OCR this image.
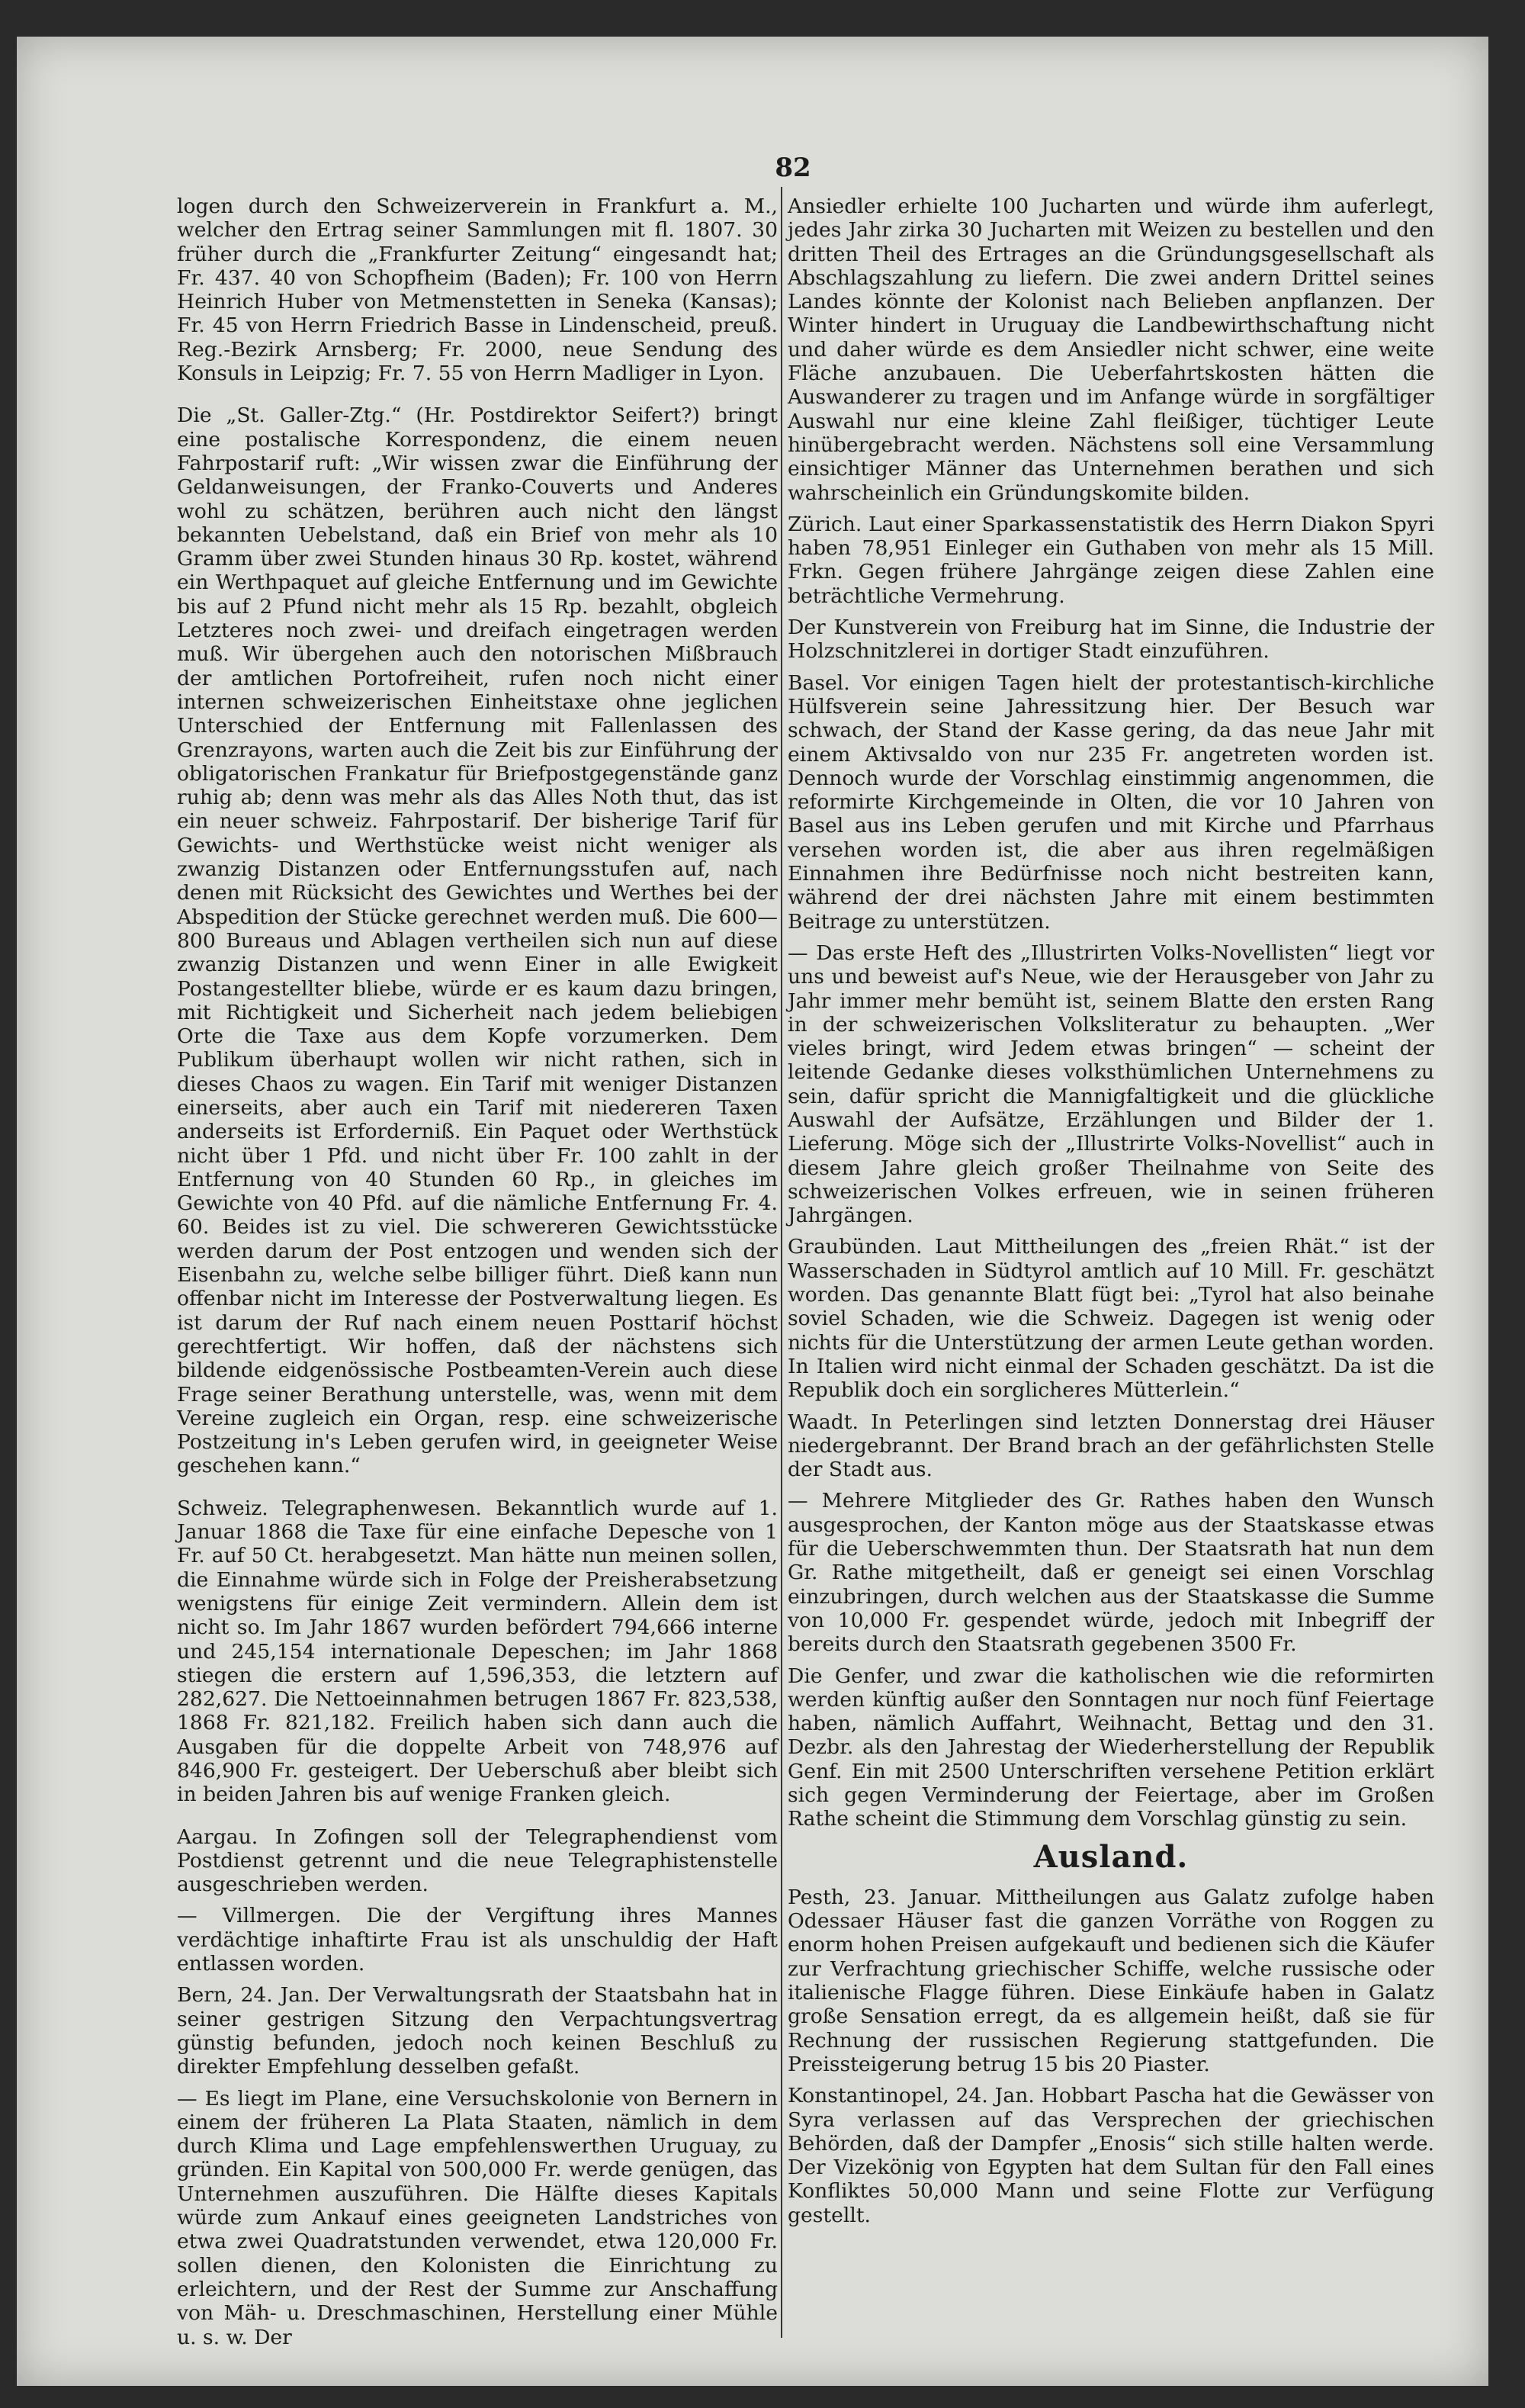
82

logen durch den Schweizerverein in Frankfurt a. M., welcher den Ertrag seiner Sammlungen mit fl. 1807. 30 früher durch die „Frankfurter Zeitung“ eingesandt hat; Fr. 437. 40 von Schopfheim (Baden); Fr. 100 von Herrn Heinrich Huber von Metmenstetten in Seneka (Kansas); Fr. 45 von Herrn Friedrich Basse in Lindenscheid, preuß. Reg.-Bezirk Arnsberg; Fr. 2000, neue Sendung des Konsuls in Leipzig; Fr. 7. 55 von Herrn Madliger in Lyon.

Die „St. Galler-Ztg.“ (Hr. Postdirektor Seifert?) bringt eine postalische Korrespondenz, die einem neuen Fahrpostarif ruft: „Wir wissen zwar die Einführung der Geldanweisungen, der Franko-Couverts und Anderes wohl zu schätzen, berühren auch nicht den längst bekannten Uebelstand, daß ein Brief von mehr als 10 Gramm über zwei Stunden hinaus 30 Rp. kostet, während ein Werthpaquet auf gleiche Entfernung und im Gewichte bis auf 2 Pfund nicht mehr als 15 Rp. bezahlt, obgleich Letzteres noch zwei- und dreifach eingetragen werden muß. Wir übergehen auch den notorischen Mißbrauch der amtlichen Portofreiheit, rufen noch nicht einer internen schweizerischen Einheitstaxe ohne jeglichen Unterschied der Entfernung mit Fallenlassen des Grenzrayons, warten auch die Zeit bis zur Einführung der obligatorischen Frankatur für Briefpostgegenstände ganz ruhig ab; denn was mehr als das Alles Noth thut, das ist ein neuer schweiz. Fahrpostarif. Der bisherige Tarif für Gewichts- und Werthstücke weist nicht weniger als zwanzig Distanzen oder Entfernungsstufen auf, nach denen mit Rücksicht des Gewichtes und Werthes bei der Abspedition der Stücke gerechnet werden muß. Die 600—800 Bureaus und Ablagen vertheilen sich nun auf diese zwanzig Distanzen und wenn Einer in alle Ewigkeit Postangestellter bliebe, würde er es kaum dazu bringen, mit Richtigkeit und Sicherheit nach jedem beliebigen Orte die Taxe aus dem Kopfe vorzumerken. Dem Publikum überhaupt wollen wir nicht rathen, sich in dieses Chaos zu wagen. Ein Tarif mit weniger Distanzen einerseits, aber auch ein Tarif mit niedereren Taxen anderseits ist Erforderniß. Ein Paquet oder Werthstück nicht über 1 Pfd. und nicht über Fr. 100 zahlt in der Entfernung von 40 Stunden 60 Rp., in gleiches im Gewichte von 40 Pfd. auf die nämliche Entfernung Fr. 4. 60. Beides ist zu viel. Die schwereren Gewichtsstücke werden darum der Post entzogen und wenden sich der Eisenbahn zu, welche selbe billiger führt. Dieß kann nun offenbar nicht im Interesse der Postverwaltung liegen. Es ist darum der Ruf nach einem neuen Posttarif höchst gerechtfertigt. Wir hoffen, daß der nächstens sich bildende eidgenössische Postbeamten-Verein auch diese Frage seiner Berathung unterstelle, was, wenn mit dem Vereine zugleich ein Organ, resp. eine schweizerische Postzeitung in's Leben gerufen wird, in geeigneter Weise geschehen kann.“

Schweiz. Telegraphenwesen. Bekanntlich wurde auf 1. Januar 1868 die Taxe für eine einfache Depesche von 1 Fr. auf 50 Ct. herabgesetzt. Man hätte nun meinen sollen, die Einnahme würde sich in Folge der Preisherabsetzung wenigstens für einige Zeit vermindern. Allein dem ist nicht so. Im Jahr 1867 wurden befördert 794,666 interne und 245,154 internationale Depeschen; im Jahr 1868 stiegen die erstern auf 1,596,353, die letztern auf 282,627. Die Nettoeinnahmen betrugen 1867 Fr. 823,538, 1868 Fr. 821,182. Freilich haben sich dann auch die Ausgaben für die doppelte Arbeit von 748,976 auf 846,900 Fr. gesteigert. Der Ueberschuß aber bleibt sich in beiden Jahren bis auf wenige Franken gleich.

Aargau. In Zofingen soll der Telegraphendienst vom Postdienst getrennt und die neue Telegraphistenstelle ausgeschrieben werden.

— Villmergen. Die der Vergiftung ihres Mannes verdächtige inhaftirte Frau ist als unschuldig der Haft entlassen worden.

Bern, 24. Jan. Der Verwaltungsrath der Staatsbahn hat in seiner gestrigen Sitzung den Verpachtungsvertrag günstig befunden, jedoch noch keinen Beschluß zu direkter Empfehlung desselben gefaßt.

— Es liegt im Plane, eine Versuchskolonie von Bernern in einem der früheren La Plata Staaten, nämlich in dem durch Klima und Lage empfehlenswerthen Uruguay, zu gründen. Ein Kapital von 500,000 Fr. werde genügen, das Unternehmen auszuführen. Die Hälfte dieses Kapitals würde zum Ankauf eines geeigneten Landstriches von etwa zwei Quadratstunden verwendet, etwa 120,000 Fr. sollen dienen, den Kolonisten die Einrichtung zu erleichtern, und der Rest der Summe zur Anschaffung von Mäh- u. Dreschmaschinen, Herstellung einer Mühle u. s. w. Der

Ansiedler erhielte 100 Jucharten und würde ihm auferlegt, jedes Jahr zirka 30 Jucharten mit Weizen zu bestellen und den dritten Theil des Ertrages an die Gründungsgesellschaft als Abschlagszahlung zu liefern. Die zwei andern Drittel seines Landes könnte der Kolonist nach Belieben anpflanzen. Der Winter hindert in Uruguay die Landbewirthschaftung nicht und daher würde es dem Ansiedler nicht schwer, eine weite Fläche anzubauen. Die Ueberfahrtskosten hätten die Auswanderer zu tragen und im Anfange würde in sorgfältiger Auswahl nur eine kleine Zahl fleißiger, tüchtiger Leute hinübergebracht werden. Nächstens soll eine Versammlung einsichtiger Männer das Unternehmen berathen und sich wahrscheinlich ein Gründungskomite bilden.

Zürich. Laut einer Sparkassenstatistik des Herrn Diakon Spyri haben 78,951 Einleger ein Guthaben von mehr als 15 Mill. Frkn. Gegen frühere Jahrgänge zeigen diese Zahlen eine beträchtliche Vermehrung.

Der Kunstverein von Freiburg hat im Sinne, die Industrie der Holzschnitzlerei in dortiger Stadt einzuführen.

Basel. Vor einigen Tagen hielt der protestantisch-kirchliche Hülfsverein seine Jahressitzung hier. Der Besuch war schwach, der Stand der Kasse gering, da das neue Jahr mit einem Aktivsaldo von nur 235 Fr. angetreten worden ist. Dennoch wurde der Vorschlag einstimmig angenommen, die reformirte Kirchgemeinde in Olten, die vor 10 Jahren von Basel aus ins Leben gerufen und mit Kirche und Pfarrhaus versehen worden ist, die aber aus ihren regelmäßigen Einnahmen ihre Bedürfnisse noch nicht bestreiten kann, während der drei nächsten Jahre mit einem bestimmten Beitrage zu unterstützen.

— Das erste Heft des „Illustrirten Volks-Novellisten“ liegt vor uns und beweist auf's Neue, wie der Herausgeber von Jahr zu Jahr immer mehr bemüht ist, seinem Blatte den ersten Rang in der schweizerischen Volksliteratur zu behaupten. „Wer vieles bringt, wird Jedem etwas bringen“ — scheint der leitende Gedanke dieses volksthümlichen Unternehmens zu sein, dafür spricht die Mannigfaltigkeit und die glückliche Auswahl der Aufsätze, Erzählungen und Bilder der 1. Lieferung. Möge sich der „Illustrirte Volks-Novellist“ auch in diesem Jahre gleich großer Theilnahme von Seite des schweizerischen Volkes erfreuen, wie in seinen früheren Jahrgängen.

Graubünden. Laut Mittheilungen des „freien Rhät.“ ist der Wasserschaden in Südtyrol amtlich auf 10 Mill. Fr. geschätzt worden. Das genannte Blatt fügt bei: „Tyrol hat also beinahe soviel Schaden, wie die Schweiz. Dagegen ist wenig oder nichts für die Unterstützung der armen Leute gethan worden. In Italien wird nicht einmal der Schaden geschätzt. Da ist die Republik doch ein sorglicheres Mütterlein.“

Waadt. In Peterlingen sind letzten Donnerstag drei Häuser niedergebrannt. Der Brand brach an der gefährlichsten Stelle der Stadt aus.

— Mehrere Mitglieder des Gr. Rathes haben den Wunsch ausgesprochen, der Kanton möge aus der Staatskasse etwas für die Ueberschwemmten thun. Der Staatsrath hat nun dem Gr. Rathe mitgetheilt, daß er geneigt sei einen Vorschlag einzubringen, durch welchen aus der Staatskasse die Summe von 10,000 Fr. gespendet würde, jedoch mit Inbegriff der bereits durch den Staatsrath gegebenen 3500 Fr.

Die Genfer, und zwar die katholischen wie die reformirten werden künftig außer den Sonntagen nur noch fünf Feiertage haben, nämlich Auffahrt, Weihnacht, Bettag und den 31. Dezbr. als den Jahrestag der Wiederherstellung der Republik Genf. Ein mit 2500 Unterschriften versehene Petition erklärt sich gegen Verminderung der Feiertage, aber im Großen Rathe scheint die Stimmung dem Vorschlag günstig zu sein.

Ausland.

Pesth, 23. Januar. Mittheilungen aus Galatz zufolge haben Odessaer Häuser fast die ganzen Vorräthe von Roggen zu enorm hohen Preisen aufgekauft und bedienen sich die Käufer zur Verfrachtung griechischer Schiffe, welche russische oder italienische Flagge führen. Diese Einkäufe haben in Galatz große Sensation erregt, da es allgemein heißt, daß sie für Rechnung der russischen Regierung stattgefunden. Die Preissteigerung betrug 15 bis 20 Piaster.

Konstantinopel, 24. Jan. Hobbart Pascha hat die Gewässer von Syra verlassen auf das Versprechen der griechischen Behörden, daß der Dampfer „Enosis“ sich stille halten werde. Der Vizekönig von Egypten hat dem Sultan für den Fall eines Konfliktes 50,000 Mann und seine Flotte zur Verfügung gestellt.
